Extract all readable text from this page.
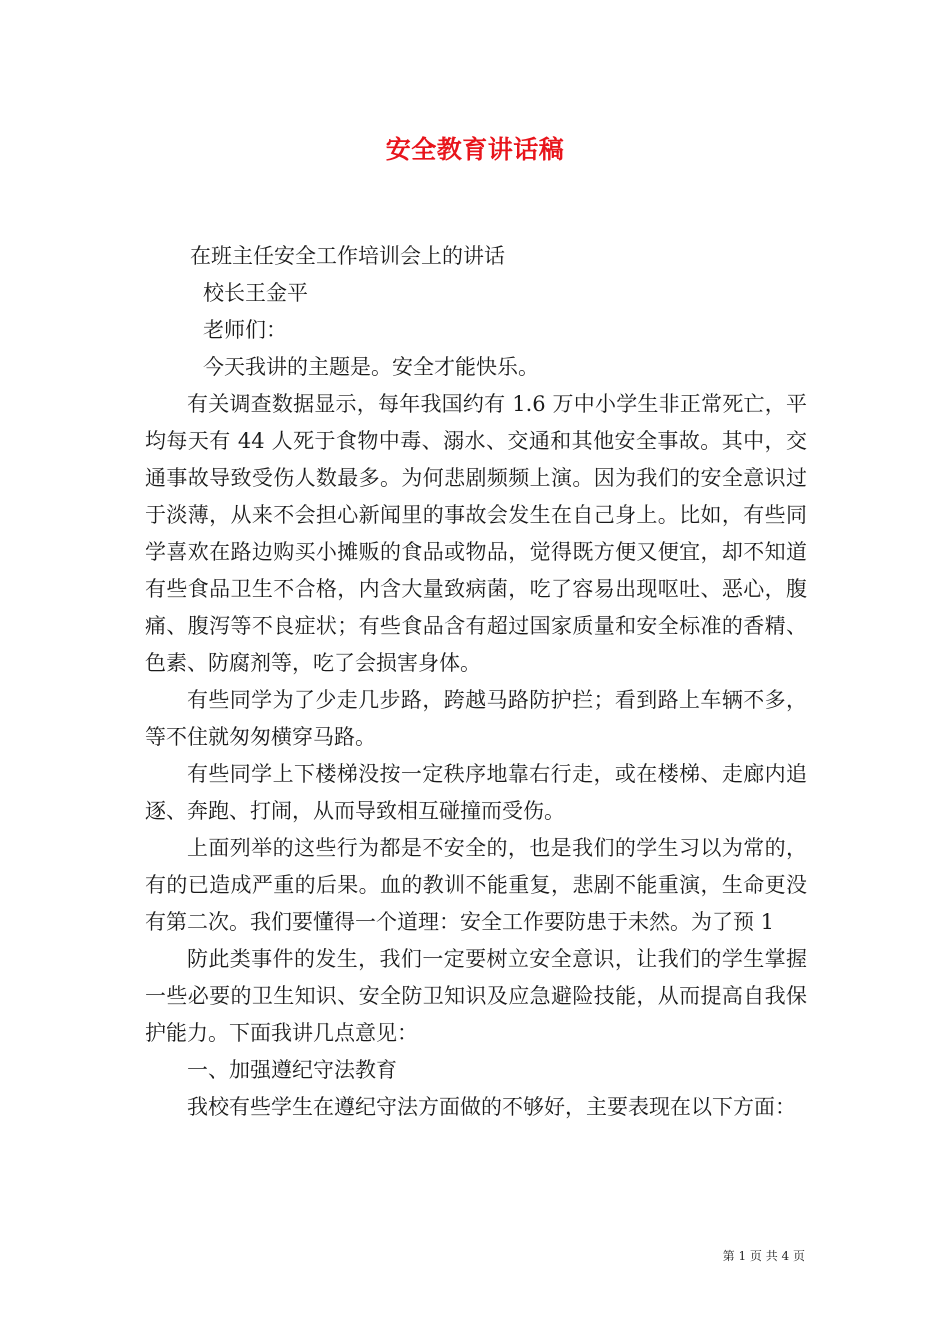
安全教育讲话稿

在班主任安全工作培训会上的讲话

校长王金平

老师们：

今天我讲的主题是。安全才能快乐。

有关调查数据显示，每年我国约有 1.6 万中小学生非正常死亡，平均每天有 44 人死于食物中毒、溺水、交通和其他安全事故。其中，交通事故导致受伤人数最多。为何悲剧频频上演。因为我们的安全意识过于淡薄，从来不会担心新闻里的事故会发生在自己身上。比如，有些同学喜欢在路边购买小摊贩的食品或物品，觉得既方便又便宜，却不知道有些食品卫生不合格，内含大量致病菌，吃了容易出现呕吐、恶心，腹痛、腹泻等不良症状；有些食品含有超过国家质量和安全标准的香精、色素、防腐剂等，吃了会损害身体。

有些同学为了少走几步路，跨越马路防护拦；看到路上车辆不多，等不住就匆匆横穿马路。

有些同学上下楼梯没按一定秩序地靠右行走，或在楼梯、走廊内追逐、奔跑、打闹，从而导致相互碰撞而受伤。

上面列举的这些行为都是不安全的，也是我们的学生习以为常的，有的已造成严重的后果。血的教训不能重复，悲剧不能重演，生命更没有第二次。我们要懂得一个道理：安全工作要防患于未然。为了预 1

防此类事件的发生，我们一定要树立安全意识，让我们的学生掌握一些必要的卫生知识、安全防卫知识及应急避险技能，从而提高自我保护能力。下面我讲几点意见：

一、加强遵纪守法教育

我校有些学生在遵纪守法方面做的不够好，主要表现在以下方面：

第 1 页 共 4 页
